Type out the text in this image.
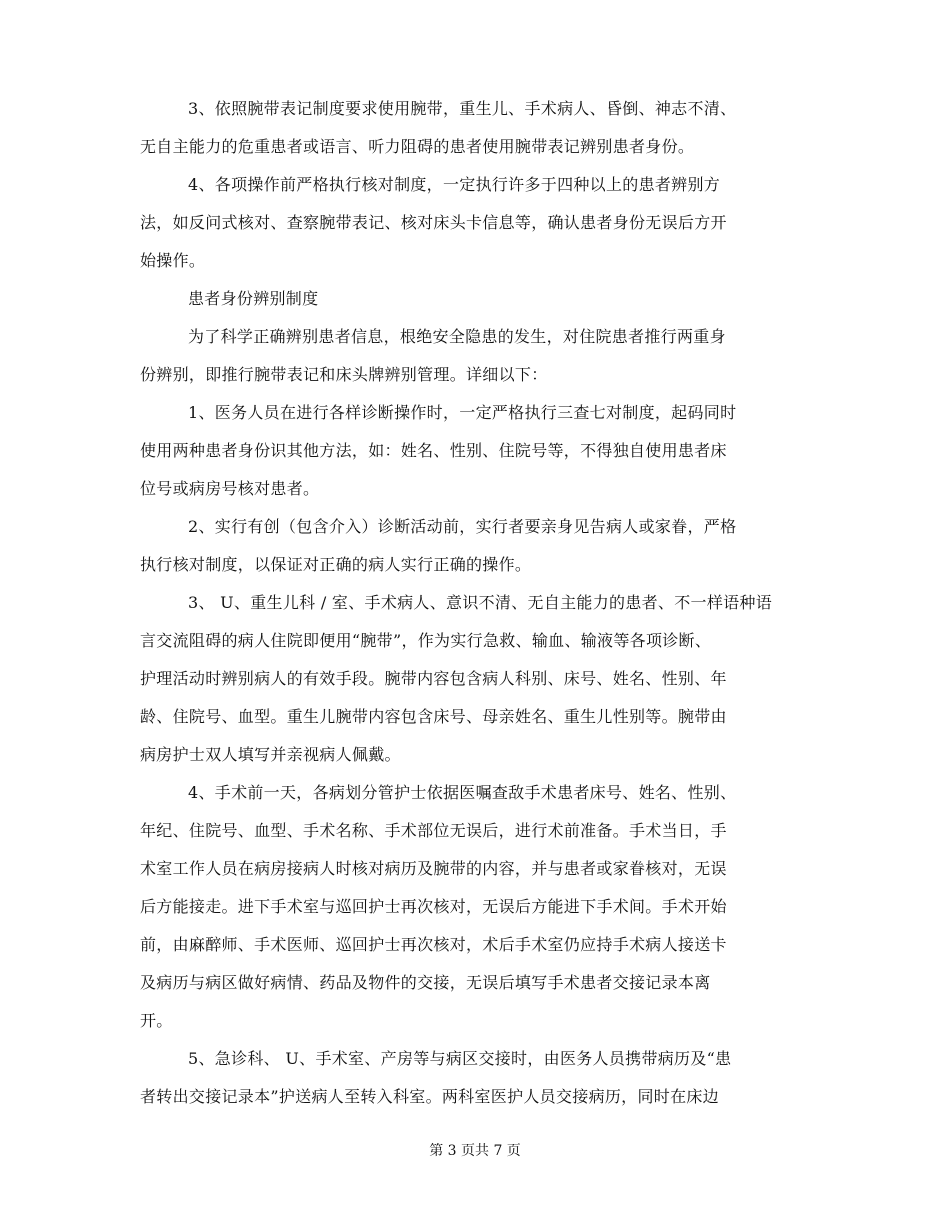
3、依照腕带表记制度要求使用腕带，重生儿、手术病人、昏倒、神志不清、
无自主能力的危重患者或语言、听力阻碍的患者使用腕带表记辨别患者身份。
4、各项操作前严格执行核对制度，一定执行许多于四种以上的患者辨别方
法，如反问式核对、查察腕带表记、核对床头卡信息等，确认患者身份无误后方开
始操作。
患者身份辨别制度
为了科学正确辨别患者信息，根绝安全隐患的发生，对住院患者推行两重身
份辨别，即推行腕带表记和床头牌辨别管理。详细以下：
1、医务人员在进行各样诊断操作时，一定严格执行三查七对制度，起码同时
使用两种患者身份识其他方法，如：姓名、性别、住院号等，不得独自使用患者床
位号或病房号核对患者。
2、实行有创（包含介入）诊断活动前，实行者要亲身见告病人或家眷，严格
执行核对制度，以保证对正确的病人实行正确的操作。
3、 U、重生儿科 / 室、手术病人、意识不清、无自主能力的患者、不一样语种语
言交流阻碍的病人住院即便用“腕带”，作为实行急救、输血、输液等各项诊断、
护理活动时辨别病人的有效手段。腕带内容包含病人科别、床号、姓名、性别、年
龄、住院号、血型。重生儿腕带内容包含床号、母亲姓名、重生儿性别等。腕带由
病房护士双人填写并亲视病人佩戴。
4、手术前一天，各病划分管护士依据医嘱查敌手术患者床号、姓名、性别、
年纪、住院号、血型、手术名称、手术部位无误后，进行术前准备。手术当日，手
术室工作人员在病房接病人时核对病历及腕带的内容，并与患者或家眷核对，无误
后方能接走。进下手术室与巡回护士再次核对，无误后方能进下手术间。手术开始
前，由麻醉师、手术医师、巡回护士再次核对，术后手术室仍应持手术病人接送卡
及病历与病区做好病情、药品及物件的交接，无误后填写手术患者交接记录本离
开。
5、急诊科、 U、手术室、产房等与病区交接时，由医务人员携带病历及“患
者转出交接记录本”护送病人至转入科室。两科室医护人员交接病历，同时在床边
第 3 页共 7 页
